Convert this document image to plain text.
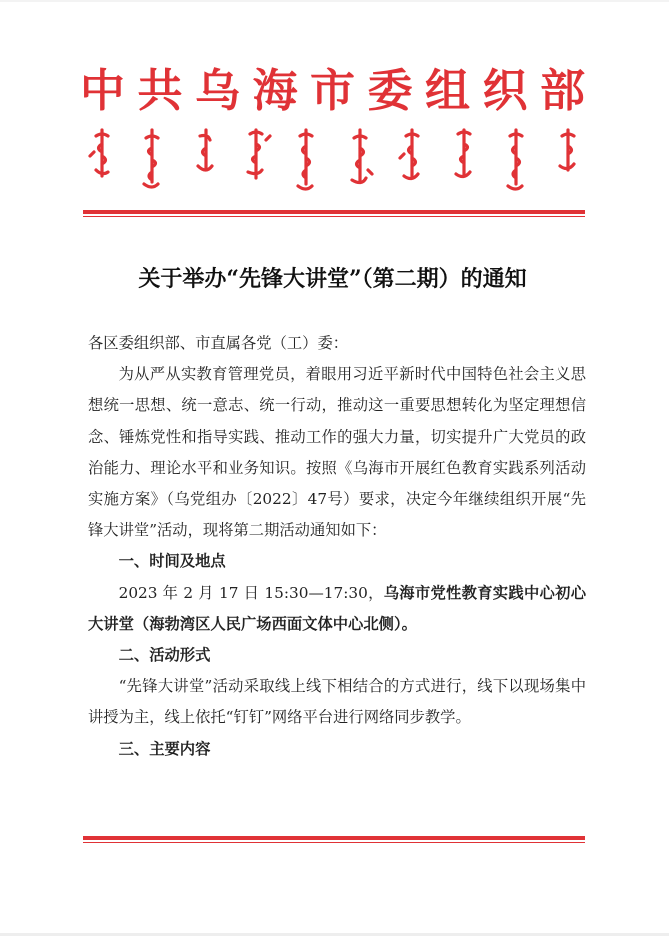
中共乌海市委组织部
关于举办“先锋大讲堂”（第二期）的通知

各区委组织部、市直属各党（工）委：

为从严从实教育管理党员，着眼用习近平新时代中国特色社会主义思想统一思想、统一意志、统一行动，推动这一重要思想转化为坚定理想信念、锤炼党性和指导实践、推动工作的强大力量，切实提升广大党员的政治能力、理论水平和业务知识。按照《乌海市开展红色教育实践系列活动实施方案》（乌党组办〔2022〕47号）要求，决定今年继续组织开展“先锋大讲堂”活动，现将第二期活动通知如下：

一、时间及地点

2023 年 2 月 17 日 15:30—17:30，乌海市党性教育实践中心初心大讲堂（海勃湾区人民广场西面文体中心北侧）。

二、活动形式

“先锋大讲堂”活动采取线上线下相结合的方式进行，线下以现场集中讲授为主，线上依托“钉钉”网络平台进行网络同步教学。

三、主要内容
